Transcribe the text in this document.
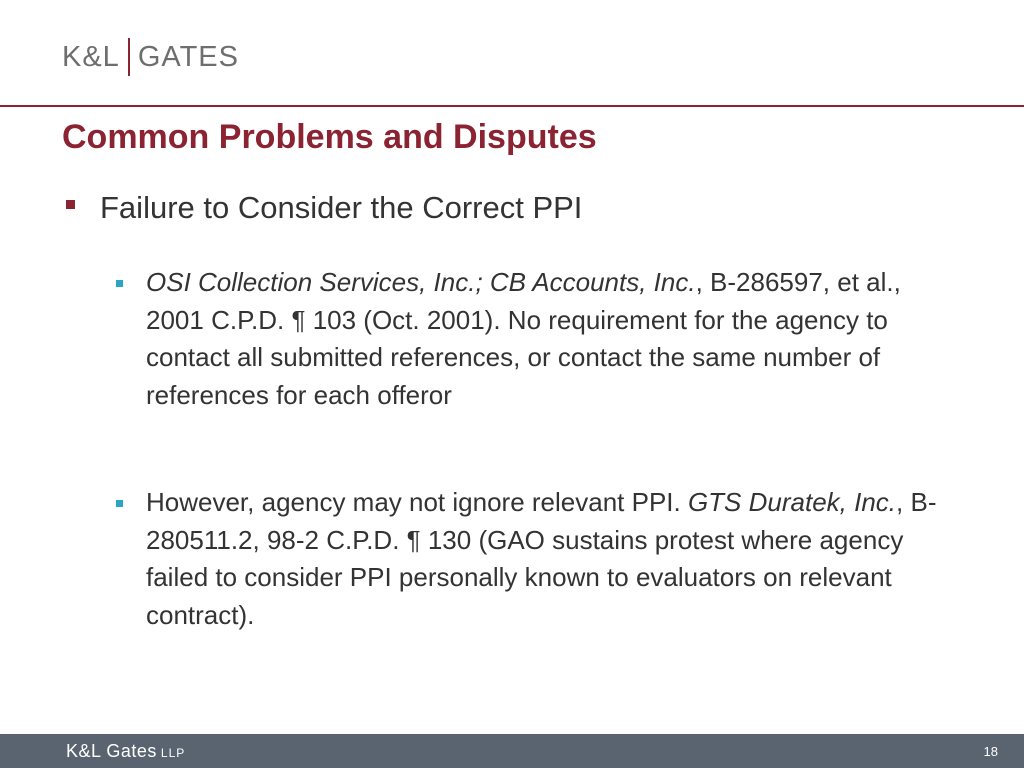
K&L GATES
Common Problems and Disputes
Failure to Consider the Correct PPI
OSI Collection Services, Inc.; CB Accounts, Inc., B-286597, et al., 2001 C.P.D. ¶ 103 (Oct. 2001). No requirement for the agency to contact all submitted references, or contact the same number of references for each offeror
However, agency may not ignore relevant PPI. GTS Duratek, Inc., B-280511.2, 98-2 C.P.D. ¶ 130 (GAO sustains protest where agency failed to consider PPI personally known to evaluators on relevant contract).
K&L Gates LLP	18
